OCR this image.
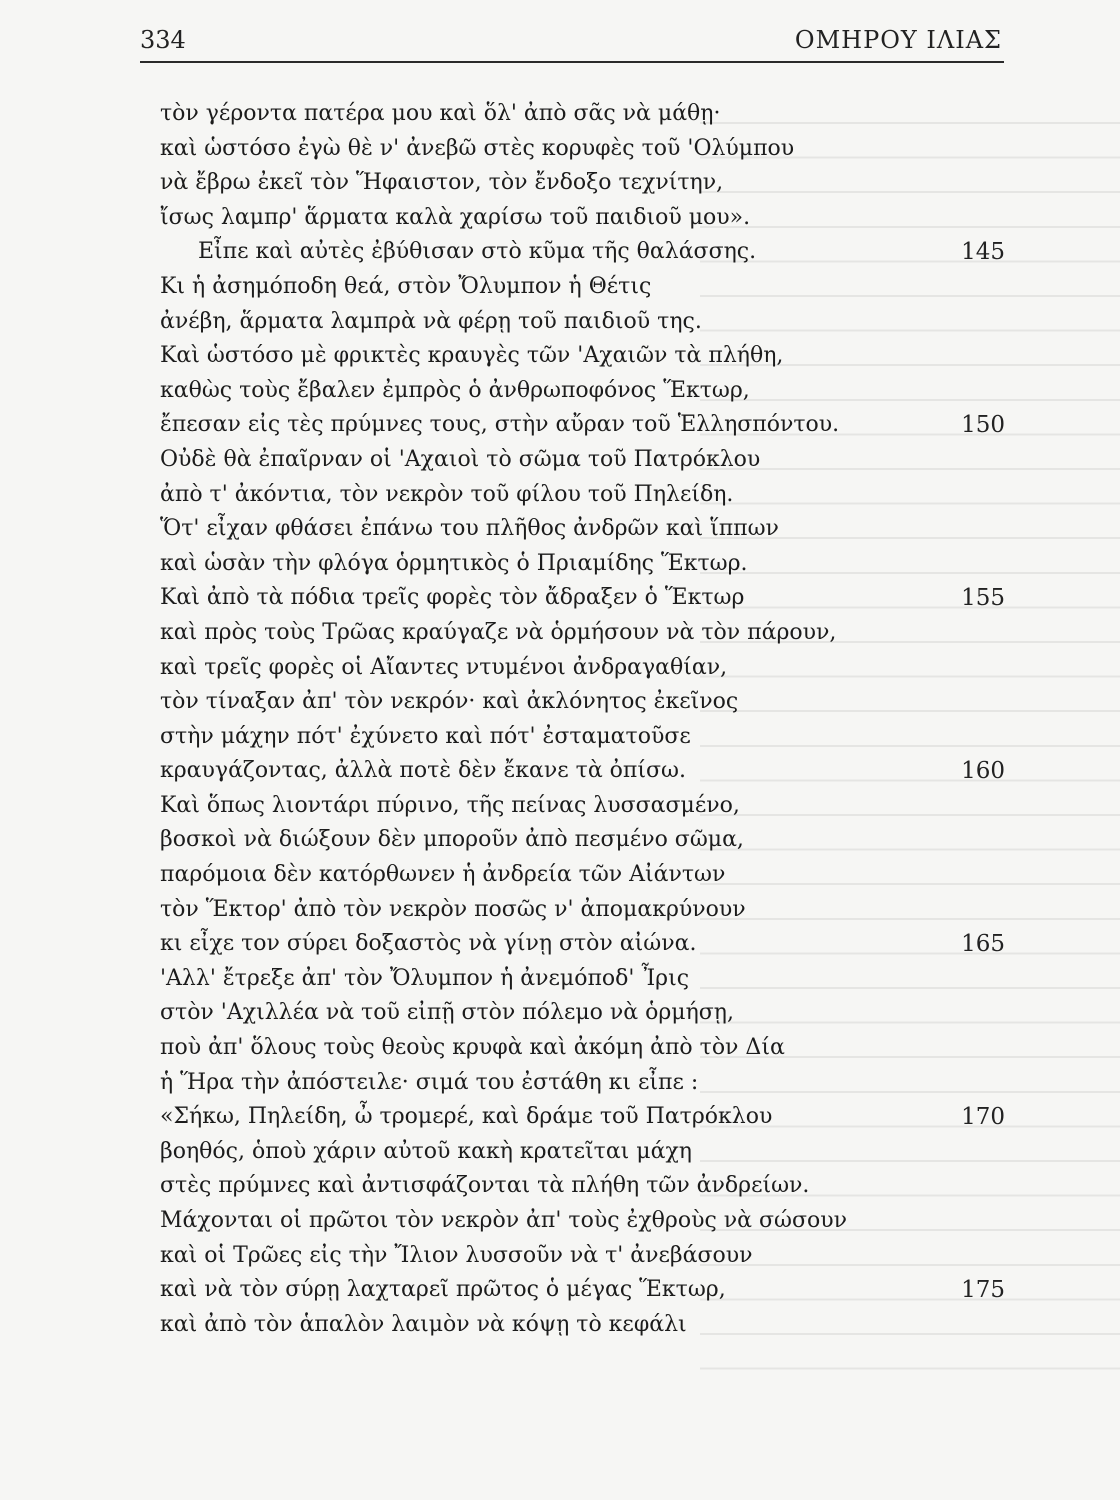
334	ΟΜΗΡΟΥ ΙΛΙΑΣ
τὸν γέροντα πατέρα μου καὶ ὅλ' ἀπὸ σᾶς νὰ μάθῃ·
καὶ ὡστόσο ἐγὼ θὲ ν' ἀνεβῶ στὲς κορυφὲς τοῦ 'Ολύμπου
νὰ ἔβρω ἐκεῖ τὸν Ἥφαιστον, τὸν ἔνδοξο τεχνίτην,
ἴσως λαμπρ' ἅρματα καλὰ χαρίσω τοῦ παιδιοῦ μου».
Εἶπε καὶ αὐτὲς ἐβύθισαν στὸ κῦμα τῆς θαλάσσης.	145
Κι ἡ ἀσημόποδη θεά, στὸν Ὄλυμπον ἡ Θέτις
ἀνέβη, ἅρματα λαμπρὰ νὰ φέρῃ τοῦ παιδιοῦ της.
Καὶ ὡστόσο μὲ φρικτὲς κραυγὲς τῶν 'Αχαιῶν τὰ πλήθη,
καθὼς τοὺς ἔβαλεν ἐμπρὸς ὁ ἀνθρωποφόνος Ἕκτωρ,
ἔπεσαν εἰς τὲς πρύμνες τους, στὴν αὔραν τοῦ Ἑλλησπόντου.	150
Οὐδὲ θὰ ἐπαῖρναν οἱ 'Αχαιοὶ τὸ σῶμα τοῦ Πατρόκλου
ἀπὸ τ' ἀκόντια, τὸν νεκρὸν τοῦ φίλου τοῦ Πηλείδη.
Ὅτ' εἶχαν φθάσει ἐπάνω του πλῆθος ἀνδρῶν καὶ ἵππων
καὶ ὡσὰν τὴν φλόγα ὁρμητικὸς ὁ Πριαμίδης Ἕκτωρ.
Καὶ ἀπὸ τὰ πόδια τρεῖς φορὲς τὸν ἄδραξεν ὁ Ἕκτωρ	155
καὶ πρὸς τοὺς Τρῶας κραύγαζε νὰ ὁρμήσουν νὰ τὸν πάρουν,
καὶ τρεῖς φορὲς οἱ Αἴαντες ντυμένοι ἀνδραγαθίαν,
τὸν τίναξαν ἀπ' τὸν νεκρόν· καὶ ἀκλόνητος ἐκεῖνος
στὴν μάχην πότ' ἐχύνετο καὶ πότ' ἐσταματοῦσε
κραυγάζοντας, ἀλλὰ ποτὲ δὲν ἔκανε τὰ ὀπίσω.	160
Καὶ ὅπως λιοντάρι πύρινο, τῆς πείνας λυσσασμένο,
βοσκοὶ νὰ διώξουν δὲν μποροῦν ἀπὸ πεσμένο σῶμα,
παρόμοια δὲν κατόρθωνεν ἡ ἀνδρεία τῶν Αἰάντων
τὸν Ἕκτορ' ἀπὸ τὸν νεκρὸν ποσῶς ν' ἀπομακρύνουν
κι εἶχε τον σύρει δοξαστὸς νὰ γίνῃ στὸν αἰώνα.	165
'Αλλ' ἔτρεξε ἀπ' τὸν Ὄλυμπον ἡ ἀνεμόποδ' Ἶρις
στὸν 'Αχιλλέα νὰ τοῦ εἰπῇ στὸν πόλεμο νὰ ὁρμήσῃ,
ποὺ ἀπ' ὅλους τοὺς θεοὺς κρυφὰ καὶ ἀκόμη ἀπὸ τὸν Δία
ἡ Ἥρα τὴν ἀπόστειλε· σιμά του ἐστάθη κι εἶπε :
«Σήκω, Πηλείδη, ὦ τρομερέ, καὶ δράμε τοῦ Πατρόκλου	170
βοηθός, ὁποὺ χάριν αὐτοῦ κακὴ κρατεῖται μάχη
στὲς πρύμνες καὶ ἀντισφάζονται τὰ πλήθη τῶν ἀνδρείων.
Μάχονται οἱ πρῶτοι τὸν νεκρὸν ἀπ' τοὺς ἐχθροὺς νὰ σώσουν
καὶ οἱ Τρῶες εἰς τὴν Ἴλιον λυσσοῦν νὰ τ' ἀνεβάσουν
καὶ νὰ τὸν σύρῃ λαχταρεῖ πρῶτος ὁ μέγας Ἕκτωρ,	175
καὶ ἀπὸ τὸν ἁπαλὸν λαιμὸν νὰ κόψῃ τὸ κεφάλι
